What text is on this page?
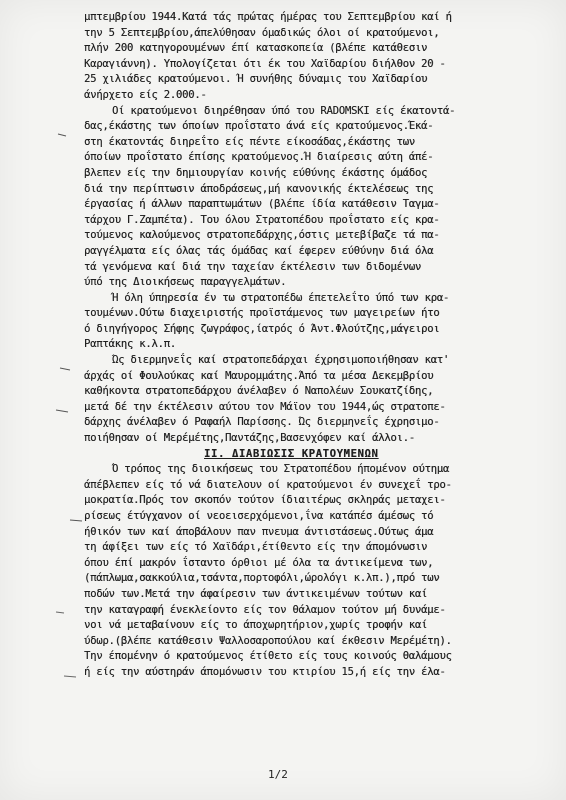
μπτεμβρίου 1944.Κατά τάς πρώτας ήμέρας του Σεπτεμβρίου καί ή
την 5 Σεπτεμβρίου,άπελύθησαν όμαδικώς όλοι οί κρατούμενοι,
πλήν 200 κατηγορουμένων έπί κατασκοπεία (βλέπε κατάθεσιν
Καραγιάννη). Υπολογίζεται ότι έκ του Χαϊδαρίου διήλθον 20 -
25 χιλιάδες κρατούμενοι. Ή συνήθης δύναμις του Χαϊδαρίου
άνήρχετο είς 2.000.-
Οί κρατούμενοι διηρέθησαν ύπό του RADOMSKI είς έκατοντά-
δας,έκάστης των όποίων προΐστατο άνά είς κρατούμενος.Έκά-
στη έκατοντάς διηρεΐτο είς πέντε είκοσάδας,έκάστης των
όποίων προΐστατο έπίσης κρατούμενος.Ή διαίρεσις αύτη άπέ-
βλεπεν είς την δημιουργίαν κοινής εύθύνης έκάστης όμάδος
διά την περίπτωσιν άποδράσεως,μή κανονικής έκτελέσεως της
έργασίας ή άλλων παραπτωμάτων (βλέπε ίδία κατάθεσιν Ταγμα-
τάρχου Γ.Ζαμπέτα). Του όλου Στρατοπέδου προΐστατο είς κρα-
τούμενος καλούμενος στρατοπεδάρχης,όστις μετεβίβαζε τά πα-
ραγγέλματα είς όλας τάς όμάδας καί έφερεν εύθύνην διά όλα
τά γενόμενα καί διά την ταχείαν έκτέλεσιν των διδομένων
ύπό της Διοικήσεως παραγγελμάτων.
Ή όλη ύπηρεσία έν τω στρατοπέδω έπετελεΐτο ύπό των κρα-
τουμένων.Ούτω διαχειριστής προϊστάμενος των μαγειρείων ήτο
ό διηγήγορος Σήφης ζωγράφος,ίατρός ό Άντ.Φλούτζης,μάγειροι
Ραπτάκης κ.λ.π.
Ώς διερμηνεΐς καί στρατοπεδάρχαι έχρησιμοποιήθησαν κατ'
άρχάς οί Φουλούκας καί Μαυρομμάτης.Άπό τα μέσα Δεκεμβρίου
καθήκοντα στρατοπεδάρχου άνέλαβεν ό Ναπολέων Σουκατζίδης,
μετά δέ την έκτέλεσιν αύτου τον Μάϊον του 1944,ώς στρατοπε-
δάρχης άνέλαβεν ό Ραφαήλ Παρίσσης. Ώς διερμηνεΐς έχρησιμο-
ποιήθησαν οί Μερέμέτης,Παντάζης,Βασενχόφεν καί άλλοι.-
ΙΙ. ΔΙΑΒΙΩΣΙΣ ΚΡΑΤΟΥΜΕΝΩΝ
Ό τρόπος της διοικήσεως του Στρατοπέδου ήπομένον ούτημα
άπέβλεπεν είς τό νά διατελουν οί κρατούμενοι έν συνεχεΐ τρο-
μοκρατία.Πρός τον σκοπόν τούτον ίδιαιτέρως σκληράς μεταχει-
ρίσεως έτύγχανον οί νεοεισερχόμενοι,ΐνα κατάπέσ άμέσως τό
ήθικόν των καί άποβάλουν παν πνευμα άντιστάσεως.Ούτως άμα
τη άφίξει των είς τό Χαϊδάρι,έτίθεντο είς την άπομόνωσιν
όπου έπί μακρόν ΐσταντο όρθιοι μέ όλα τα άντικείμενα των,
(πάπλωμα,σακκούλια,τσάντα,πορτοφόλι,ώρολόγι κ.λπ.),πρό των
ποδών των.Μετά την άφαίρεσιν των άντικειμένων τούτων καί
την καταγραφή ένεκλείοντο είς τον θάλαμον τούτον μή δυνάμε-
νοι νά μεταβαίνουν είς το άποχωρητήριον,χωρίς τροφήν καί
ύδωρ.(βλέπε κατάθεσιν Ψαλλοσαροπούλου καί έκθεσιν Μερέμέτη).
Την έπομένην ό κρατούμενος έτίθετο είς τους κοινούς θαλάμους
ή είς την αύστηράν άπομόνωσιν του κτιρίου 15,ή είς την έλα-
1/2
